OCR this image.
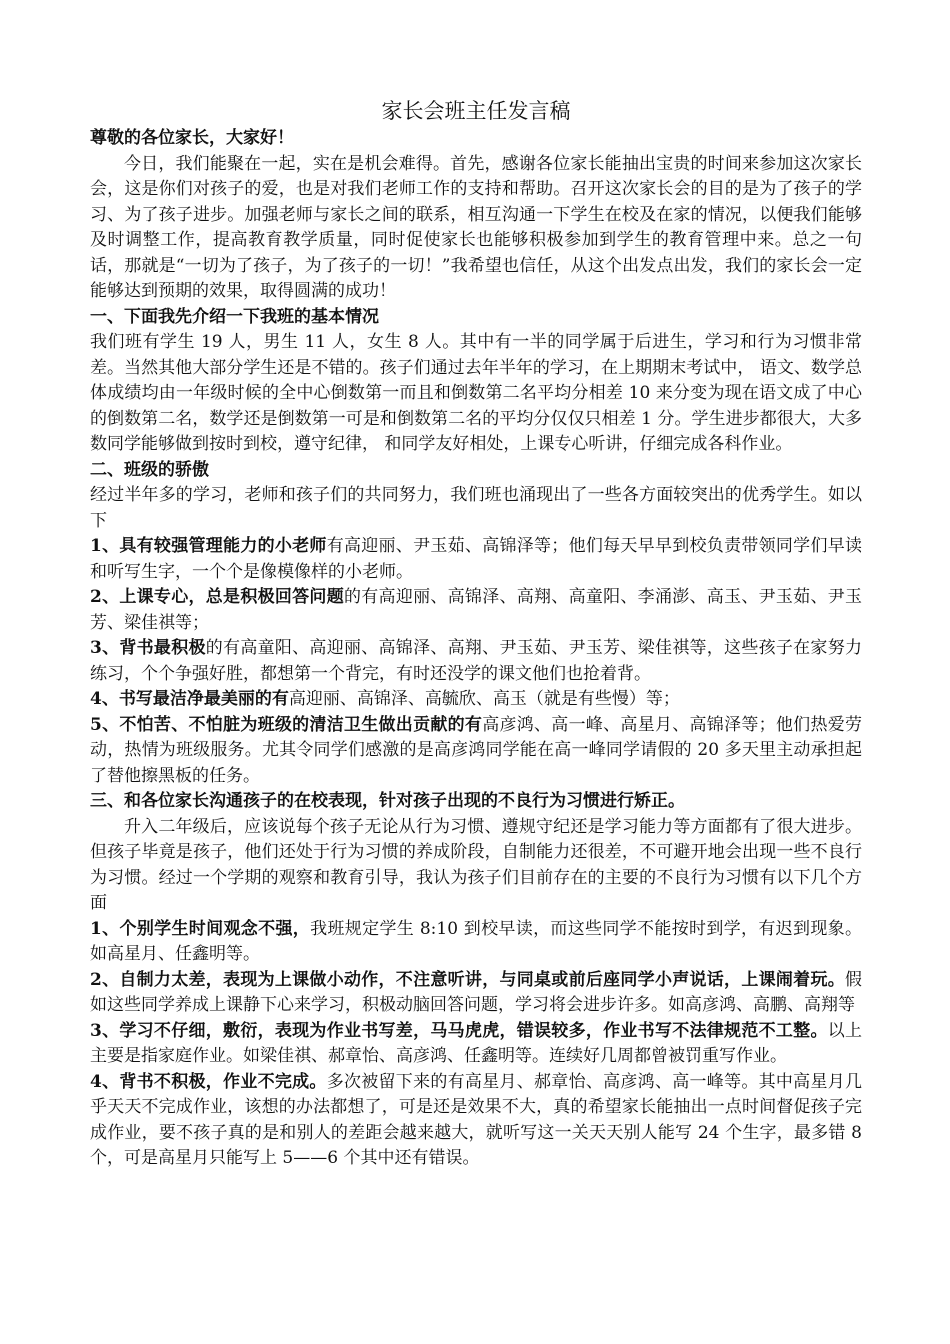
家长会班主任发言稿

尊敬的各位家长，大家好！

今日，我们能聚在一起，实在是机会难得。首先，感谢各位家长能抽出宝贵的时间来参加这次家长会，这是你们对孩子的爱，也是对我们老师工作的支持和帮助。召开这次家长会的目的是为了孩子的学习、为了孩子进步。加强老师与家长之间的联系，相互沟通一下学生在校及在家的情况，以便我们能够及时调整工作，提高教育教学质量，同时促使家长也能够积极参加到学生的教育管理中来。总之一句话，那就是“一切为了孩子，为了孩子的一切！”我希望也信任，从这个出发点出发，我们的家长会一定能够达到预期的效果，取得圆满的成功！

一、下面我先介绍一下我班的基本情况

我们班有学生 19 人，男生 11 人，女生 8 人。其中有一半的同学属于后进生，学习和行为习惯非常差。当然其他大部分学生还是不错的。孩子们通过去年半年的学习，在上期期末考试中， 语文、数学总体成绩均由一年级时候的全中心倒数第一而且和倒数第二名平均分相差 10 来分变为现在语文成了中心的倒数第二名，数学还是倒数第一可是和倒数第二名的平均分仅仅只相差 1 分。学生进步都很大，大多数同学能够做到按时到校，遵守纪律， 和同学友好相处，上课专心听讲，仔细完成各科作业。

二、班级的骄傲

经过半年多的学习，老师和孩子们的共同努力，我们班也涌现出了一些各方面较突出的优秀学生。如以下

1、具有较强管理能力的小老师有高迎丽、尹玉茹、高锦泽等；他们每天早早到校负责带领同学们早读和听写生字，一个个是像模像样的小老师。

2、上课专心，总是积极回答问题的有高迎丽、高锦泽、高翔、高童阳、李涌澎、高玉、尹玉茹、尹玉芳、梁佳祺等；

3、背书最积极的有高童阳、高迎丽、高锦泽、高翔、尹玉茹、尹玉芳、梁佳祺等，这些孩子在家努力练习，个个争强好胜，都想第一个背完，有时还没学的课文他们也抢着背。

4、书写最洁净最美丽的有高迎丽、高锦泽、高毓欣、高玉（就是有些慢）等；

5、不怕苦、不怕脏为班级的清洁卫生做出贡献的有高彦鸿、高一峰、高星月、高锦泽等；他们热爱劳动，热情为班级服务。尤其令同学们感激的是高彦鸿同学能在高一峰同学请假的 20 多天里主动承担起了替他擦黑板的任务。

三、和各位家长沟通孩子的在校表现，针对孩子出现的不良行为习惯进行矫正。

升入二年级后，应该说每个孩子无论从行为习惯、遵规守纪还是学习能力等方面都有了很大进步。但孩子毕竟是孩子，他们还处于行为习惯的养成阶段，自制能力还很差，不可避开地会出现一些不良行为习惯。经过一个学期的观察和教育引导，我认为孩子们目前存在的主要的不良行为习惯有以下几个方面

1、个别学生时间观念不强，我班规定学生 8:10 到校早读，而这些同学不能按时到学，有迟到现象。如高星月、任鑫明等。

2、自制力太差，表现为上课做小动作，不注意听讲，与同桌或前后座同学小声说话，上课闹着玩。假如这些同学养成上课静下心来学习，积极动脑回答问题，学习将会进步许多。如高彦鸿、高鹏、高翔等

3、学习不仔细，敷衍，表现为作业书写差，马马虎虎，错误较多，作业书写不法律规范不工整。以上主要是指家庭作业。如梁佳祺、郝章怡、高彦鸿、任鑫明等。连续好几周都曾被罚重写作业。

4、背书不积极，作业不完成。多次被留下来的有高星月、郝章怡、高彦鸿、高一峰等。其中高星月几乎天天不完成作业，该想的办法都想了，可是还是效果不大，真的希望家长能抽出一点时间督促孩子完成作业，要不孩子真的是和别人的差距会越来越大，就听写这一关天天别人能写 24 个生字，最多错 8 个，可是高星月只能写上 5——6 个其中还有错误。
